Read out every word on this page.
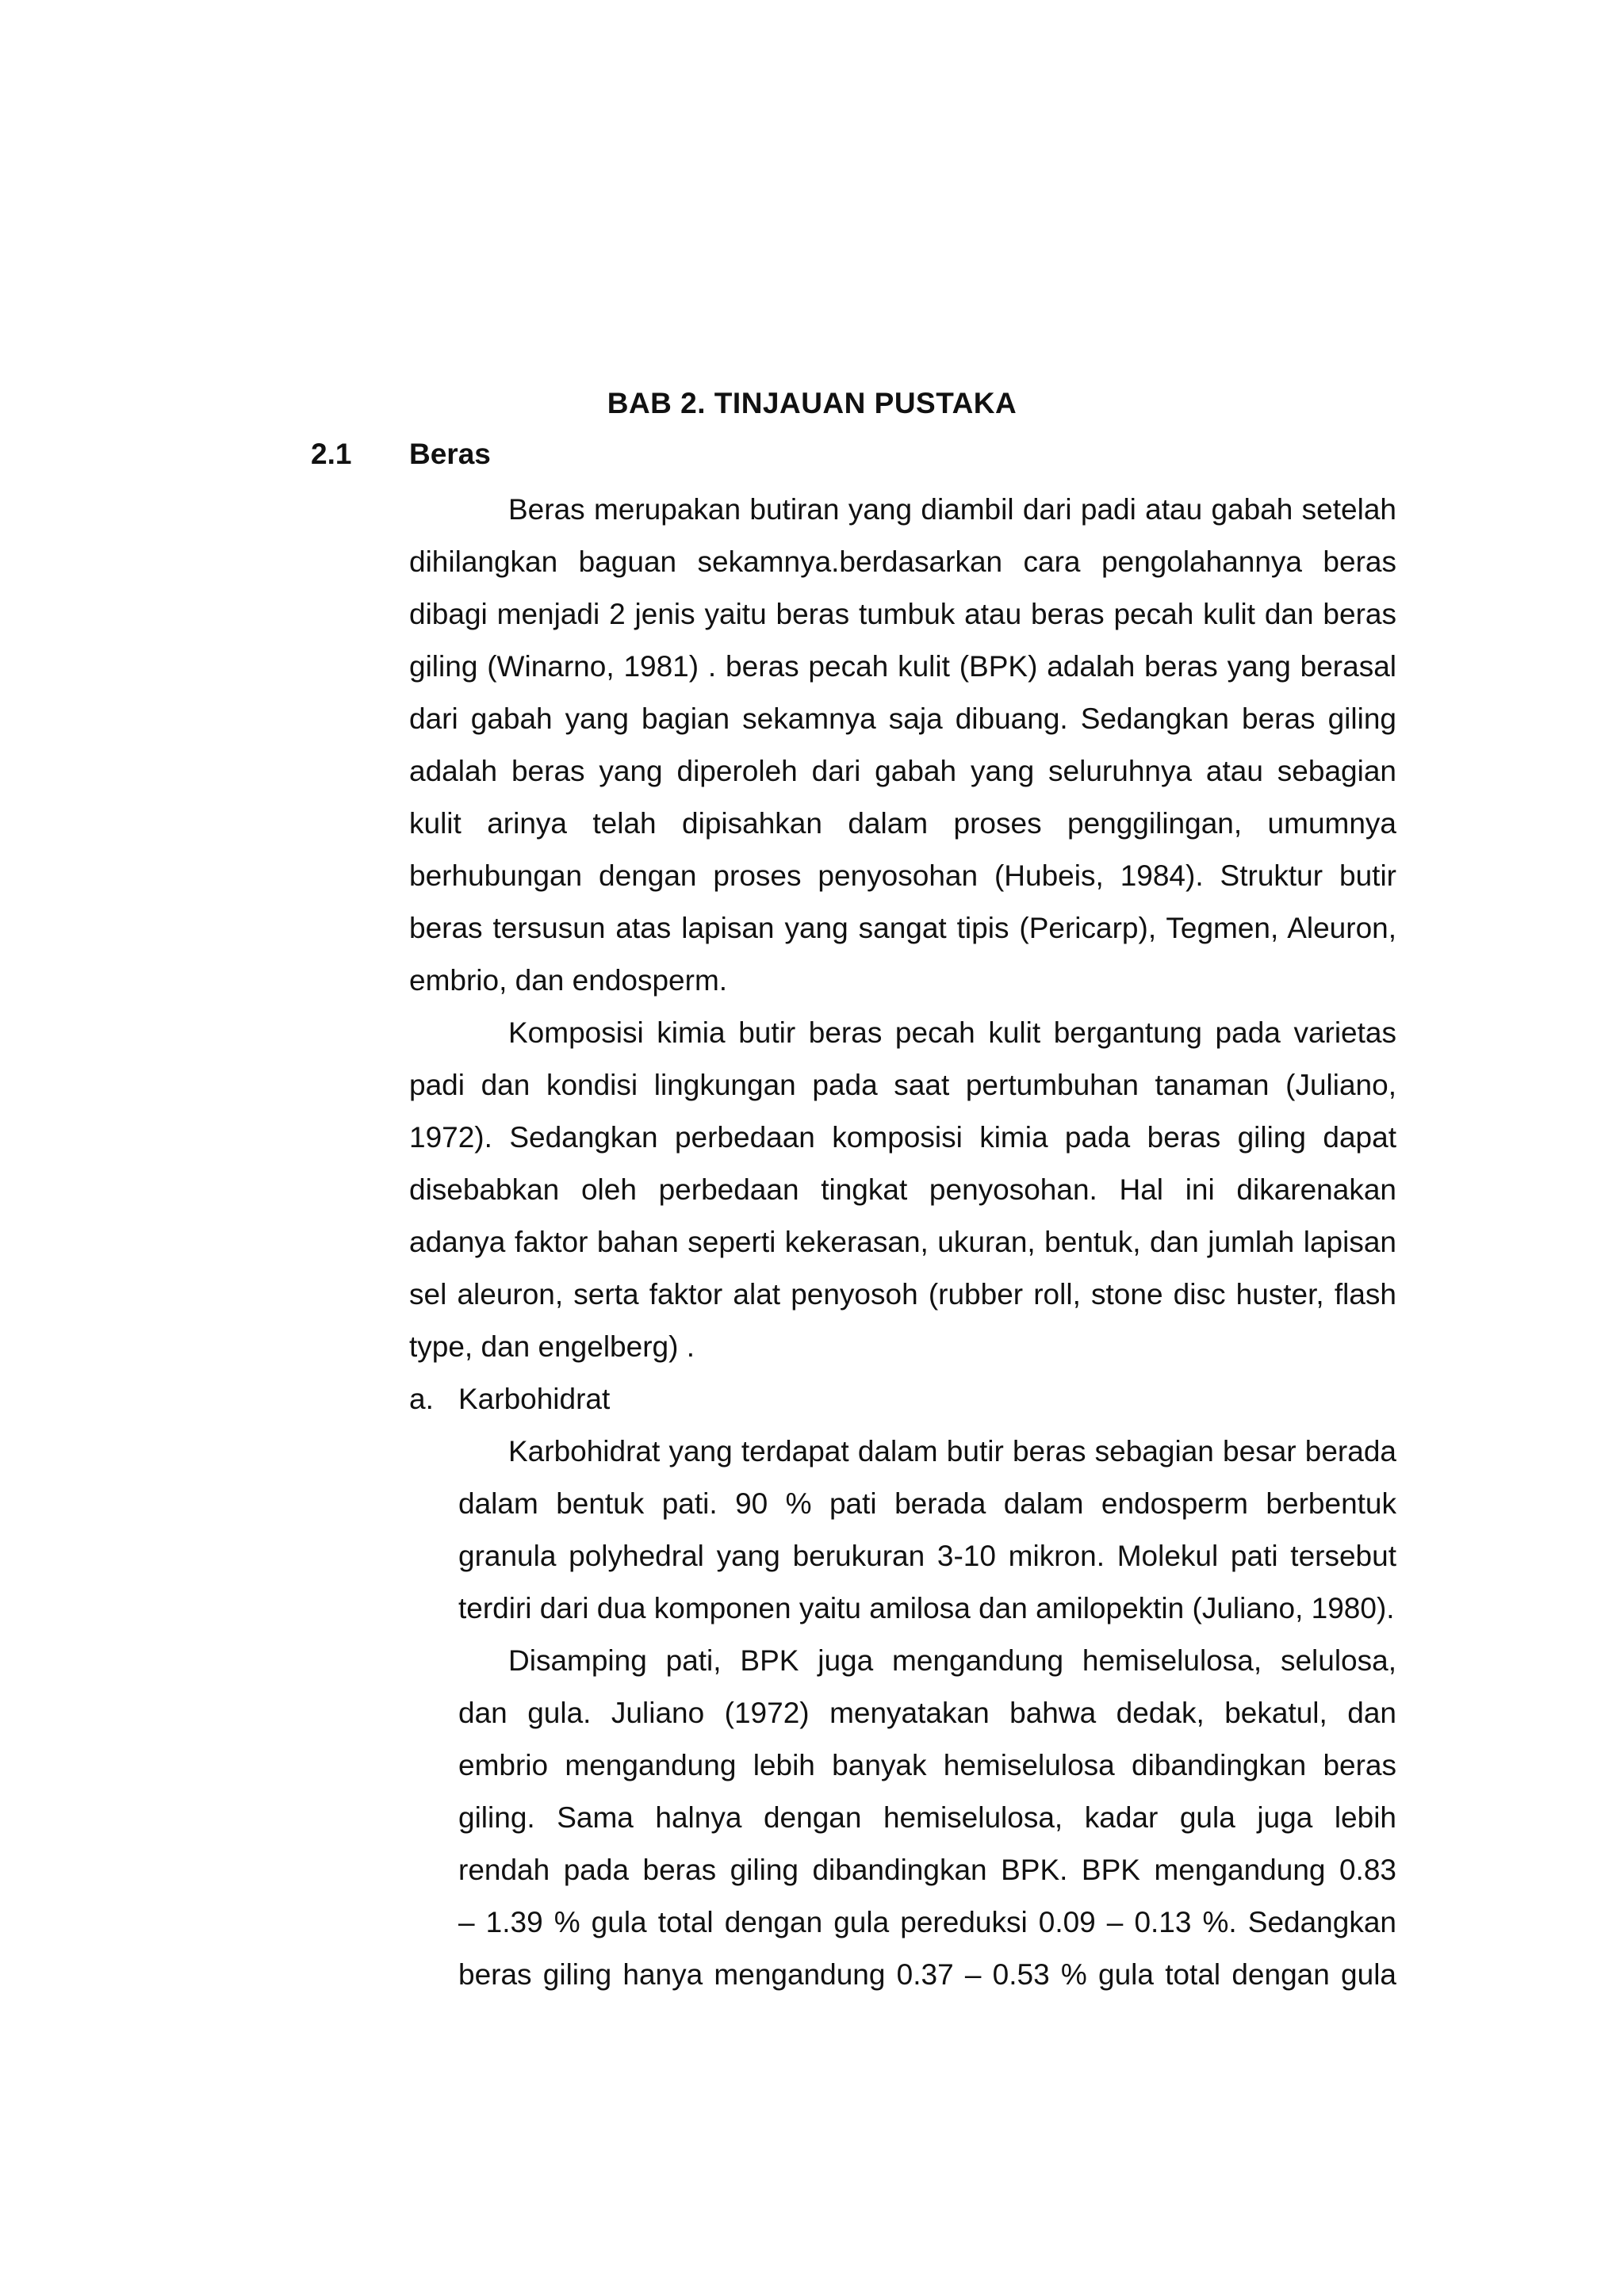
BAB 2. TINJAUAN PUSTAKA
2.1 Beras

Beras merupakan butiran yang diambil dari padi atau gabah setelah dihilangkan baguan sekamnya.berdasarkan cara pengolahannya beras dibagi menjadi 2 jenis yaitu beras tumbuk atau beras pecah kulit dan beras giling (Winarno, 1981) . beras pecah kulit (BPK) adalah beras yang berasal dari gabah yang bagian sekamnya saja dibuang. Sedangkan beras giling adalah beras yang diperoleh dari gabah yang seluruhnya atau sebagian kulit arinya telah dipisahkan dalam proses penggilingan, umumnya berhubungan dengan proses penyosohan (Hubeis, 1984). Struktur butir beras tersusun atas lapisan yang sangat tipis (Pericarp), Tegmen, Aleuron, embrio, dan endosperm.

Komposisi kimia butir beras pecah kulit bergantung pada varietas padi dan kondisi lingkungan pada saat pertumbuhan tanaman (Juliano, 1972). Sedangkan perbedaan komposisi kimia pada beras giling dapat disebabkan oleh perbedaan tingkat penyosohan. Hal ini dikarenakan adanya faktor bahan seperti kekerasan, ukuran, bentuk, dan jumlah lapisan sel aleuron, serta faktor alat penyosoh (rubber roll, stone disc huster, flash type, dan engelberg) .

a. Karbohidrat

Karbohidrat yang terdapat dalam butir beras sebagian besar berada dalam bentuk pati. 90 % pati berada dalam endosperm berbentuk granula polyhedral yang berukuran 3-10 mikron. Molekul pati tersebut terdiri dari dua komponen yaitu amilosa dan amilopektin (Juliano, 1980).

Disamping pati, BPK juga mengandung hemiselulosa, selulosa,
dan gula. Juliano (1972) menyatakan bahwa dedak, bekatul, dan
embrio mengandung lebih banyak hemiselulosa dibandingkan beras
giling. Sama halnya dengan hemiselulosa, kadar gula juga lebih
rendah pada beras giling dibandingkan BPK. BPK mengandung 0.83
– 1.39 % gula total dengan gula pereduksi 0.09 – 0.13 %. Sedangkan
beras giling hanya mengandung 0.37 – 0.53 % gula total dengan gula
